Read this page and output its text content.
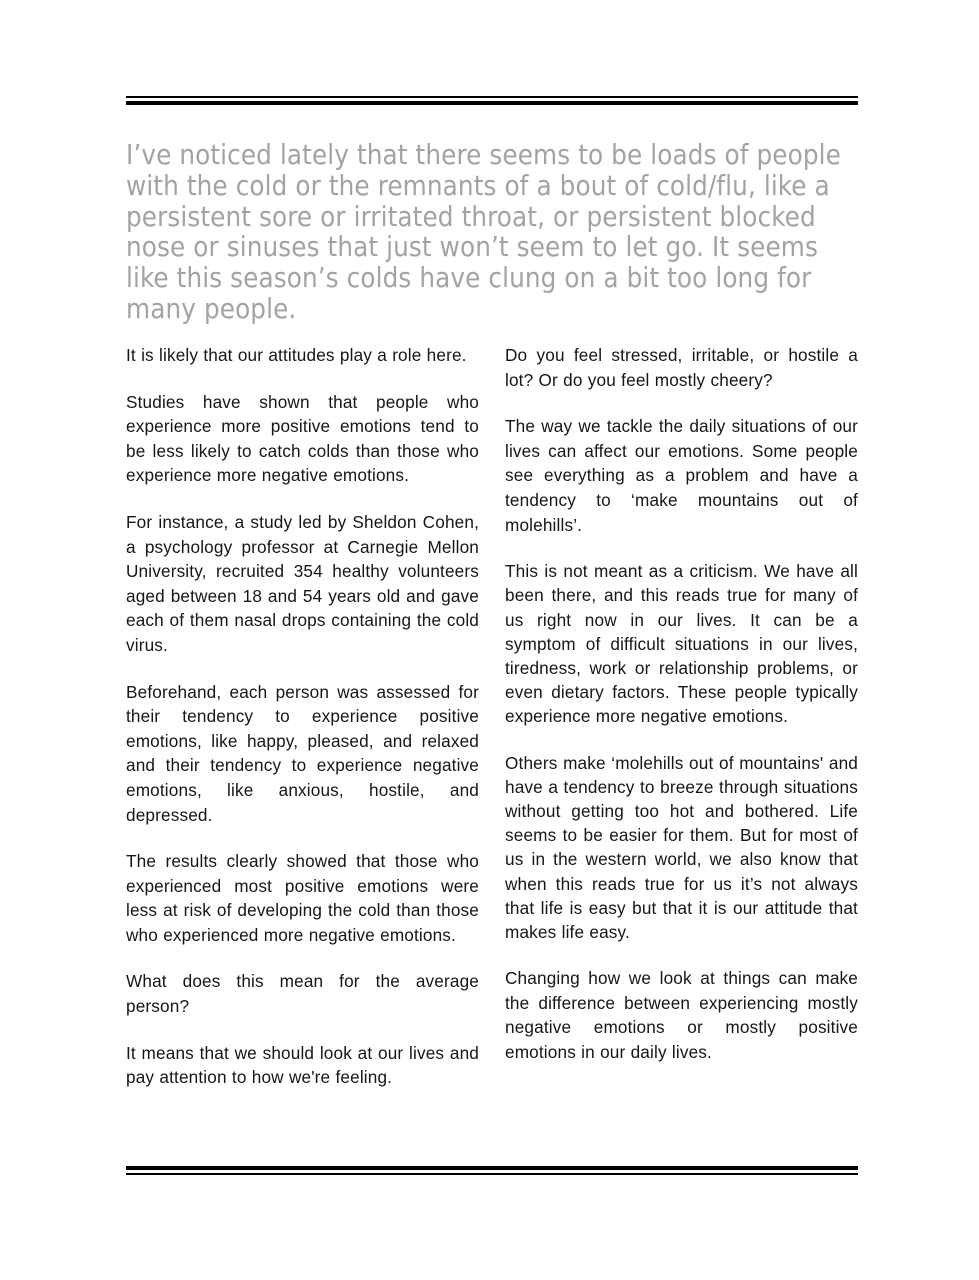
I’ve noticed lately that there seems to be loads of people with the cold or the remnants of a bout of cold/flu, like a persistent sore or irritated throat, or persistent blocked nose or sinuses that just won’t seem to let go. It seems like this season’s colds have clung on a bit too long for many people.

It is likely that our attitudes play a role here.

Studies have shown that people who experience more positive emotions tend to be less likely to catch colds than those who experience more negative emotions.

For instance, a study led by Sheldon Cohen, a psychology professor at Carnegie Mellon University, recruited 354 healthy volunteers aged between 18 and 54 years old and gave each of them nasal drops containing the cold virus.

Beforehand, each person was assessed for their tendency to experience positive emotions, like happy, pleased, and relaxed and their tendency to experience negative emotions, like anxious, hostile, and depressed.

The results clearly showed that those who experienced most positive emotions were less at risk of developing the cold than those who experienced more negative emotions.

What does this mean for the average person?

It means that we should look at our lives and pay attention to how we're feeling.

Do you feel stressed, irritable, or hostile a lot? Or do you feel mostly cheery?

The way we tackle the daily situations of our lives can affect our emotions. Some people see everything as a problem and have a tendency to ‘make mountains out of molehills’.

This is not meant as a criticism. We have all been there, and this reads true for many of us right now in our lives. It can be a symptom of difficult situations in our lives, tiredness, work or relationship problems, or even dietary factors. These people typically experience more negative emotions.

Others make ‘molehills out of mountains' and have a tendency to breeze through situations without getting too hot and bothered. Life seems to be easier for them. But for most of us in the western world, we also know that when this reads true for us it’s not always that life is easy but that it is our attitude that makes life easy.

Changing how we look at things can make the difference between experiencing mostly negative emotions or mostly positive emotions in our daily lives.
